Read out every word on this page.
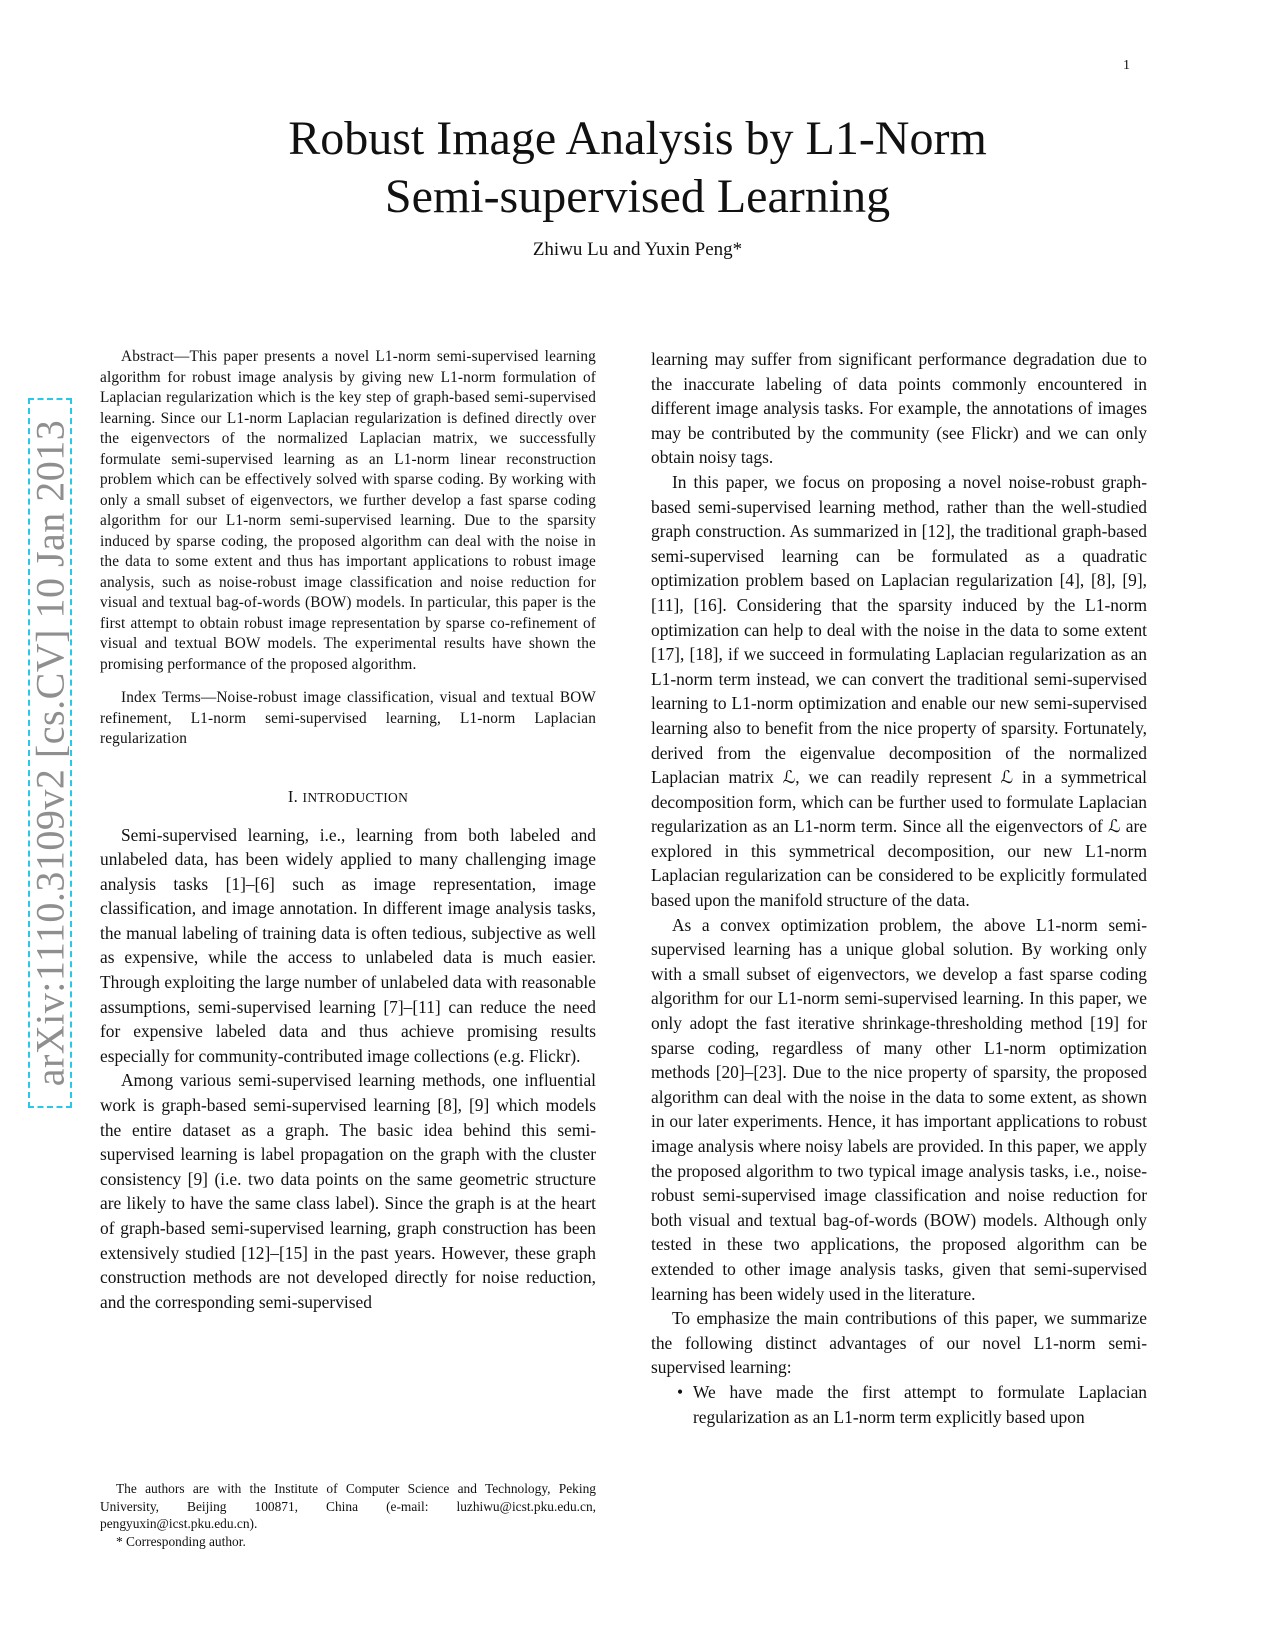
1
arXiv:1110.3109v2 [cs.CV] 10 Jan 2013
Robust Image Analysis by L1-Norm
Semi-supervised Learning
Zhiwu Lu and Yuxin Peng*

Abstract—This paper presents a novel L1-norm semi-supervised learning algorithm for robust image analysis by giving new L1-norm formulation of Laplacian regularization which is the key step of graph-based semi-supervised learning. Since our L1-norm Laplacian regularization is defined directly over the eigenvectors of the normalized Laplacian matrix, we successfully formulate semi-supervised learning as an L1-norm linear reconstruction problem which can be effectively solved with sparse coding. By working with only a small subset of eigenvectors, we further develop a fast sparse coding algorithm for our L1-norm semi-supervised learning. Due to the sparsity induced by sparse coding, the proposed algorithm can deal with the noise in the data to some extent and thus has important applications to robust image analysis, such as noise-robust image classification and noise reduction for visual and textual bag-of-words (BOW) models. In particular, this paper is the first attempt to obtain robust image representation by sparse co-refinement of visual and textual BOW models. The experimental results have shown the promising performance of the proposed algorithm.

Index Terms—Noise-robust image classification, visual and textual BOW refinement, L1-norm semi-supervised learning, L1-norm Laplacian regularization

I. INTRODUCTION

Semi-supervised learning, i.e., learning from both labeled and unlabeled data, has been widely applied to many challenging image analysis tasks [1]–[6] such as image representation, image classification, and image annotation. In different image analysis tasks, the manual labeling of training data is often tedious, subjective as well as expensive, while the access to unlabeled data is much easier. Through exploiting the large number of unlabeled data with reasonable assumptions, semi-supervised learning [7]–[11] can reduce the need for expensive labeled data and thus achieve promising results especially for community-contributed image collections (e.g. Flickr).

Among various semi-supervised learning methods, one influential work is graph-based semi-supervised learning [8], [9] which models the entire dataset as a graph. The basic idea behind this semi-supervised learning is label propagation on the graph with the cluster consistency [9] (i.e. two data points on the same geometric structure are likely to have the same class label). Since the graph is at the heart of graph-based semi-supervised learning, graph construction has been extensively studied [12]–[15] in the past years. However, these graph construction methods are not developed directly for noise reduction, and the corresponding semi-supervised

The authors are with the Institute of Computer Science and Technology, Peking University, Beijing 100871, China (e-mail: luzhiwu@icst.pku.edu.cn, pengyuxin@icst.pku.edu.cn).

* Corresponding author.

learning may suffer from significant performance degradation due to the inaccurate labeling of data points commonly encountered in different image analysis tasks. For example, the annotations of images may be contributed by the community (see Flickr) and we can only obtain noisy tags.

In this paper, we focus on proposing a novel noise-robust graph-based semi-supervised learning method, rather than the well-studied graph construction. As summarized in [12], the traditional graph-based semi-supervised learning can be formulated as a quadratic optimization problem based on Laplacian regularization [4], [8], [9], [11], [16]. Considering that the sparsity induced by the L1-norm optimization can help to deal with the noise in the data to some extent [17], [18], if we succeed in formulating Laplacian regularization as an L1-norm term instead, we can convert the traditional semi-supervised learning to L1-norm optimization and enable our new semi-supervised learning also to benefit from the nice property of sparsity. Fortunately, derived from the eigenvalue decomposition of the normalized Laplacian matrix ℒ, we can readily represent ℒ in a symmetrical decomposition form, which can be further used to formulate Laplacian regularization as an L1-norm term. Since all the eigenvectors of ℒ are explored in this symmetrical decomposition, our new L1-norm Laplacian regularization can be considered to be explicitly formulated based upon the manifold structure of the data.

As a convex optimization problem, the above L1-norm semi-supervised learning has a unique global solution. By working only with a small subset of eigenvectors, we develop a fast sparse coding algorithm for our L1-norm semi-supervised learning. In this paper, we only adopt the fast iterative shrinkage-thresholding method [19] for sparse coding, regardless of many other L1-norm optimization methods [20]–[23]. Due to the nice property of sparsity, the proposed algorithm can deal with the noise in the data to some extent, as shown in our later experiments. Hence, it has important applications to robust image analysis where noisy labels are provided. In this paper, we apply the proposed algorithm to two typical image analysis tasks, i.e., noise-robust semi-supervised image classification and noise reduction for both visual and textual bag-of-words (BOW) models. Although only tested in these two applications, the proposed algorithm can be extended to other image analysis tasks, given that semi-supervised learning has been widely used in the literature.

To emphasize the main contributions of this paper, we summarize the following distinct advantages of our novel L1-norm semi-supervised learning:

• We have made the first attempt to formulate Laplacian regularization as an L1-norm term explicitly based upon
